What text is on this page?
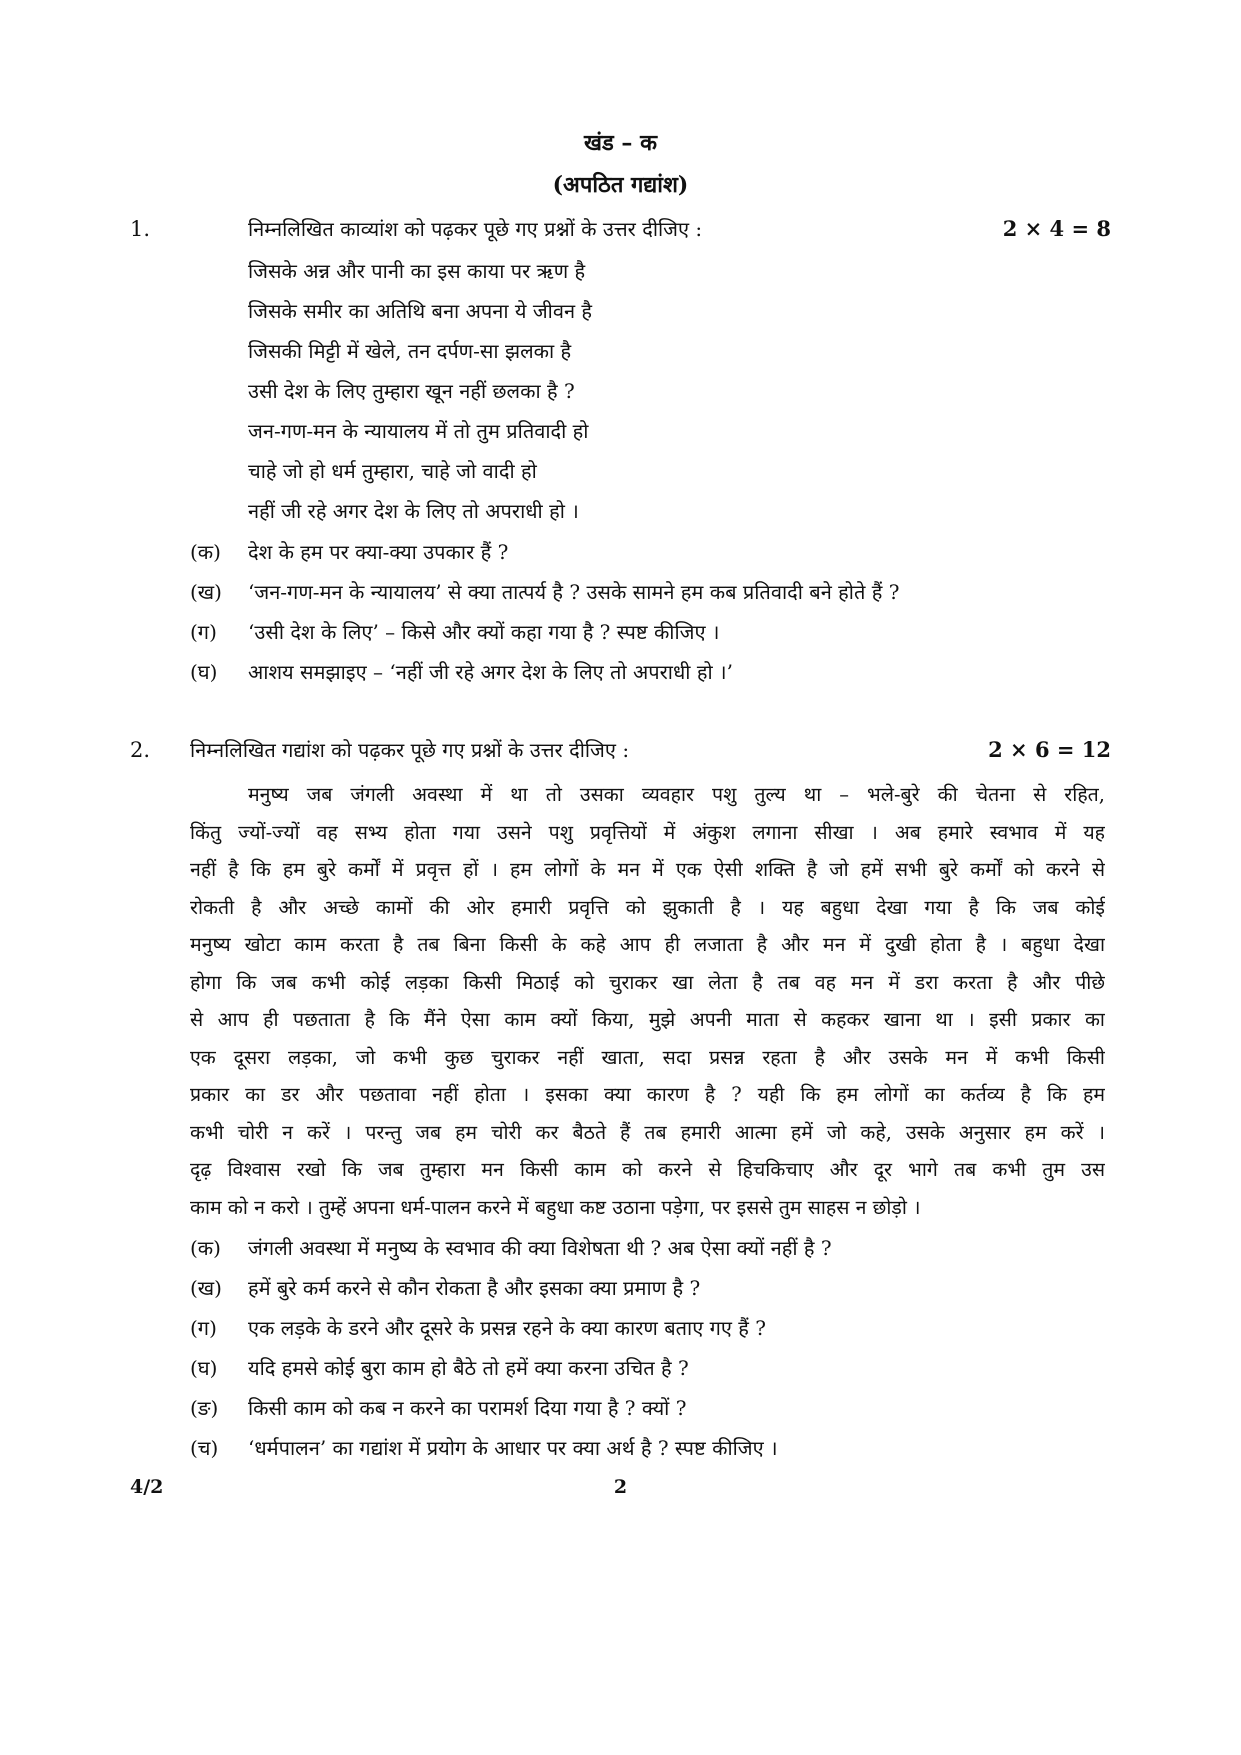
खंड – क
(अपठित गद्यांश)
1.	निम्नलिखित काव्यांश को पढ़कर पूछे गए प्रश्नों के उत्तर दीजिए :	2 × 4 = 8
जिसके अन्न और पानी का इस काया पर ऋण है
जिसके समीर का अतिथि बना अपना ये जीवन है
जिसकी मिट्टी में खेले, तन दर्पण-सा झलका है
उसी देश के लिए तुम्हारा खून नहीं छलका है ?
जन-गण-मन के न्यायालय में तो तुम प्रतिवादी हो
चाहे जो हो धर्म तुम्हारा, चाहे जो वादी हो
नहीं जी रहे अगर देश के लिए तो अपराधी हो ।
(क)	देश के हम पर क्या-क्या उपकार हैं ?
(ख)	‘जन-गण-मन के न्यायालय’ से क्या तात्पर्य है ? उसके सामने हम कब प्रतिवादी बने होते हैं ?
(ग)	‘उसी देश के लिए’ – किसे और क्यों कहा गया है ? स्पष्ट कीजिए ।
(घ)	आशय समझाइए – ‘नहीं जी रहे अगर देश के लिए तो अपराधी हो ।’
2. निम्नलिखित गद्यांश को पढ़कर पूछे गए प्रश्नों के उत्तर दीजिए :	2 × 6 = 12
मनुष्य जब जंगली अवस्था में था तो उसका व्यवहार पशु तुल्य था – भले-बुरे की चेतना से रहित,
किंतु ज्यों-ज्यों वह सभ्य होता गया उसने पशु प्रवृत्तियों में अंकुश लगाना सीखा । अब हमारे स्वभाव में यह
नहीं है कि हम बुरे कर्मों में प्रवृत्त हों । हम लोगों के मन में एक ऐसी शक्ति है जो हमें सभी बुरे कर्मों को करने से
रोकती है और अच्छे कामों की ओर हमारी प्रवृत्ति को झुकाती है । यह बहुधा देखा गया है कि जब कोई
मनुष्य खोटा काम करता है तब बिना किसी के कहे आप ही लजाता है और मन में दुखी होता है । बहुधा देखा
होगा कि जब कभी कोई लड़का किसी मिठाई को चुराकर खा लेता है तब वह मन में डरा करता है और पीछे
से आप ही पछताता है कि मैंने ऐसा काम क्यों किया, मुझे अपनी माता से कहकर खाना था । इसी प्रकार का
एक दूसरा लड़का, जो कभी कुछ चुराकर नहीं खाता, सदा प्रसन्न रहता है और उसके मन में कभी किसी
प्रकार का डर और पछतावा नहीं होता । इसका क्या कारण है ? यही कि हम लोगों का कर्तव्य है कि हम
कभी चोरी न करें । परन्तु जब हम चोरी कर बैठते हैं तब हमारी आत्मा हमें जो कहे, उसके अनुसार हम करें ।
दृढ़ विश्वास रखो कि जब तुम्हारा मन किसी काम को करने से हिचकिचाए और दूर भागे तब कभी तुम उस
काम को न करो । तुम्हें अपना धर्म-पालन करने में बहुधा कष्ट उठाना पड़ेगा, पर इससे तुम साहस न छोड़ो ।
(क)	जंगली अवस्था में मनुष्य के स्वभाव की क्या विशेषता थी ? अब ऐसा क्यों नहीं है ?
(ख)	हमें बुरे कर्म करने से कौन रोकता है और इसका क्या प्रमाण है ?
(ग)	एक लड़के के डरने और दूसरे के प्रसन्न रहने के क्या कारण बताए गए हैं ?
(घ)	यदि हमसे कोई बुरा काम हो बैठे तो हमें क्या करना उचित है ?
(ङ)	किसी काम को कब न करने का परामर्श दिया गया है ? क्यों ?
(च)	‘धर्मपालन’ का गद्यांश में प्रयोग के आधार पर क्या अर्थ है ? स्पष्ट कीजिए ।
4/2	2
